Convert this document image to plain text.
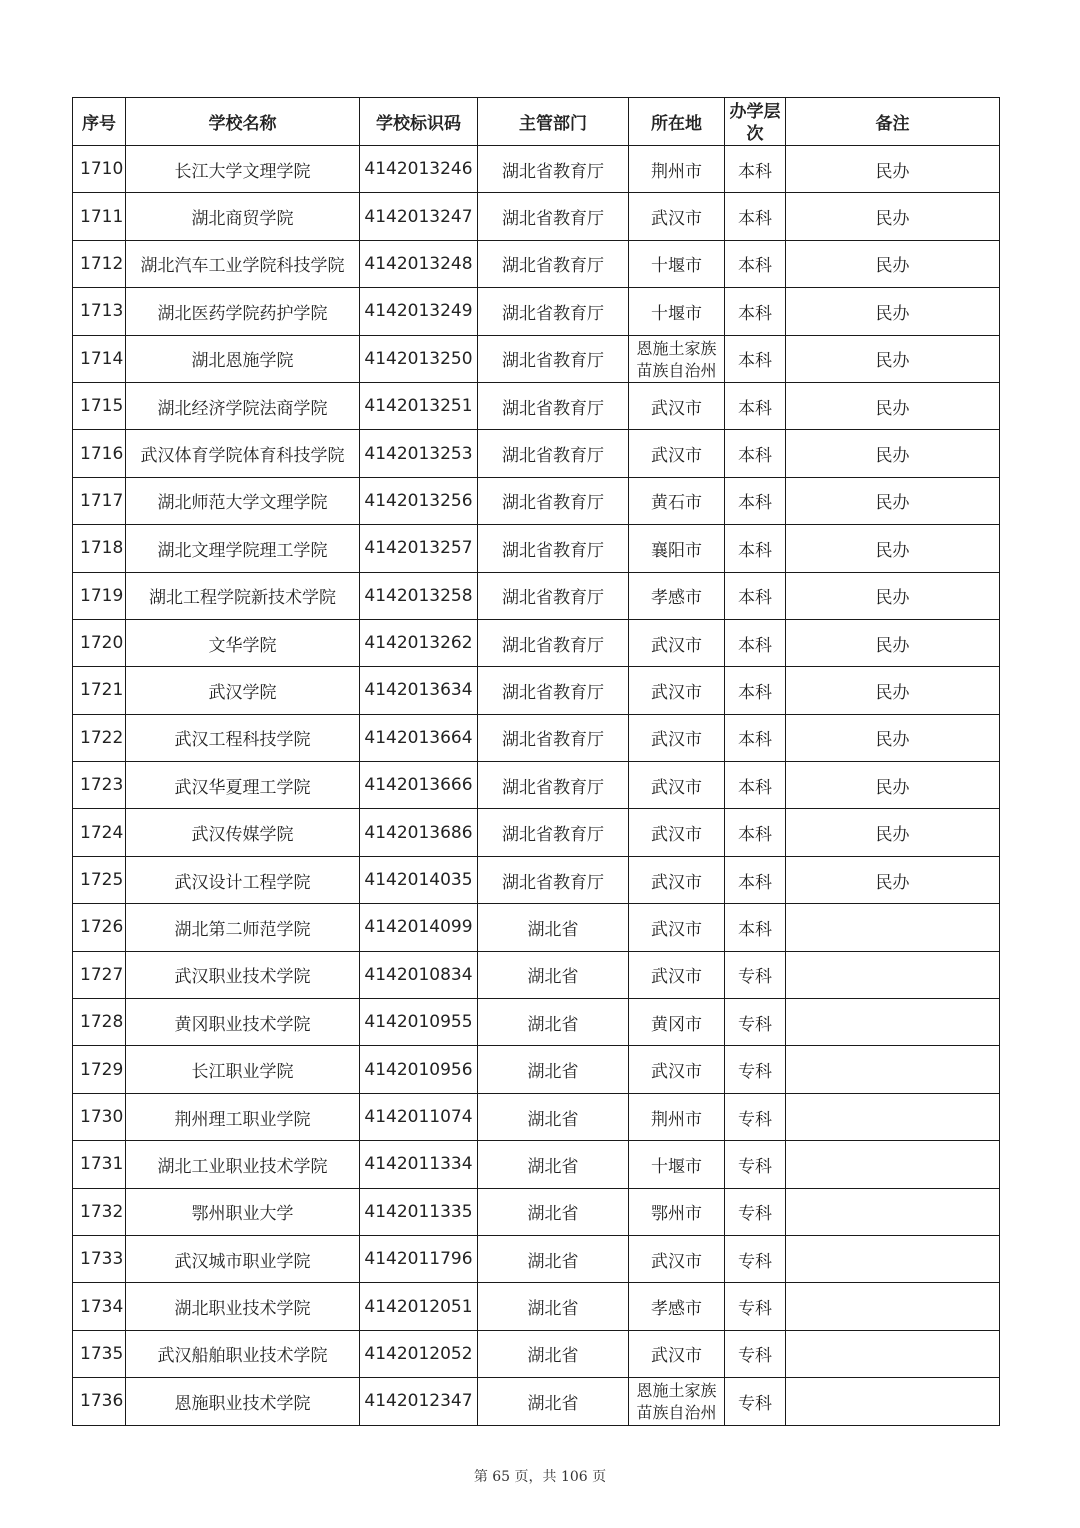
序号	学校名称	学校标识码	主管部门	所在地	办学层次	备注
1710	长江大学文理学院	4142013246	湖北省教育厅	荆州市	本科	民办
1711	湖北商贸学院	4142013247	湖北省教育厅	武汉市	本科	民办
1712	湖北汽车工业学院科技学院	4142013248	湖北省教育厅	十堰市	本科	民办
1713	湖北医药学院药护学院	4142013249	湖北省教育厅	十堰市	本科	民办
1714	湖北恩施学院	4142013250	湖北省教育厅	恩施土家族苗族自治州	本科	民办
1715	湖北经济学院法商学院	4142013251	湖北省教育厅	武汉市	本科	民办
1716	武汉体育学院体育科技学院	4142013253	湖北省教育厅	武汉市	本科	民办
1717	湖北师范大学文理学院	4142013256	湖北省教育厅	黄石市	本科	民办
1718	湖北文理学院理工学院	4142013257	湖北省教育厅	襄阳市	本科	民办
1719	湖北工程学院新技术学院	4142013258	湖北省教育厅	孝感市	本科	民办
1720	文华学院	4142013262	湖北省教育厅	武汉市	本科	民办
1721	武汉学院	4142013634	湖北省教育厅	武汉市	本科	民办
1722	武汉工程科技学院	4142013664	湖北省教育厅	武汉市	本科	民办
1723	武汉华夏理工学院	4142013666	湖北省教育厅	武汉市	本科	民办
1724	武汉传媒学院	4142013686	湖北省教育厅	武汉市	本科	民办
1725	武汉设计工程学院	4142014035	湖北省教育厅	武汉市	本科	民办
1726	湖北第二师范学院	4142014099	湖北省	武汉市	本科	
1727	武汉职业技术学院	4142010834	湖北省	武汉市	专科	
1728	黄冈职业技术学院	4142010955	湖北省	黄冈市	专科	
1729	长江职业学院	4142010956	湖北省	武汉市	专科	
1730	荆州理工职业学院	4142011074	湖北省	荆州市	专科	
1731	湖北工业职业技术学院	4142011334	湖北省	十堰市	专科	
1732	鄂州职业大学	4142011335	湖北省	鄂州市	专科	
1733	武汉城市职业学院	4142011796	湖北省	武汉市	专科	
1734	湖北职业技术学院	4142012051	湖北省	孝感市	专科	
1735	武汉船舶职业技术学院	4142012052	湖北省	武汉市	专科	
1736	恩施职业技术学院	4142012347	湖北省	恩施土家族苗族自治州	专科	
第 65 页，共 106 页
